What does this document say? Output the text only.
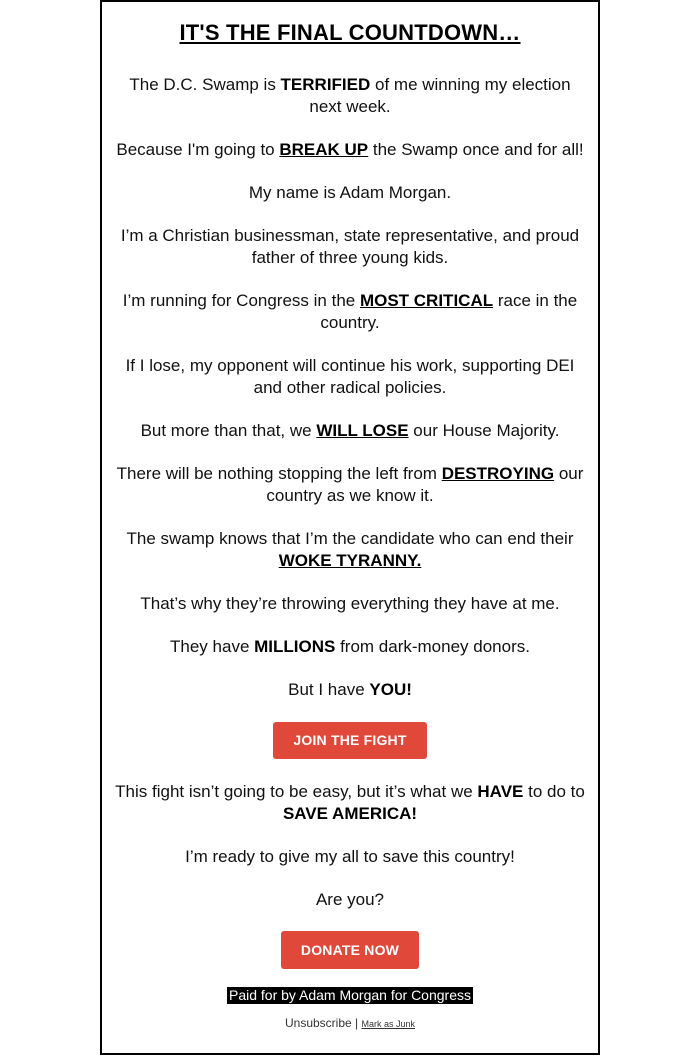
IT'S THE FINAL COUNTDOWN…

The D.C. Swamp is TERRIFIED of me winning my election next week.

Because I'm going to BREAK UP the Swamp once and for all!

My name is Adam Morgan.

I’m a Christian businessman, state representative, and proud father of three young kids.

I’m running for Congress in the MOST CRITICAL race in the country.

If I lose, my opponent will continue his work, supporting DEI and other radical policies.

But more than that, we WILL LOSE our House Majority.

There will be nothing stopping the left from DESTROYING our country as we know it.

The swamp knows that I’m the candidate who can end their WOKE TYRANNY.

That’s why they’re throwing everything they have at me.

They have MILLIONS from dark-money donors.

But I have YOU!

JOIN THE FIGHT

This fight isn’t going to be easy, but it’s what we HAVE to do to SAVE AMERICA!

I’m ready to give my all to save this country!

Are you?

DONATE NOW
Paid for by Adam Morgan for Congress
Unsubscribe | Mark as Junk
